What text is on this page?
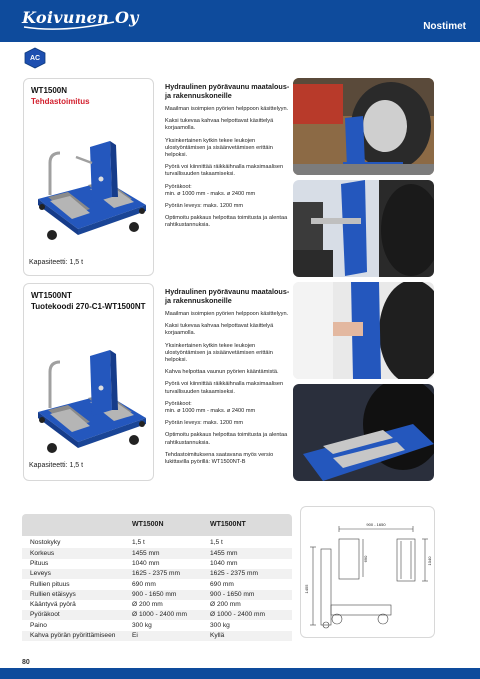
Koivunen Oy	Nostimet
AC
WT1500N
Tehdastoimitus
Kapasiteetti: 1,5 t
Hydraulinen pyörävaunu maatalous- ja rakennuskoneille

Maailman isoimpien pyörien helppoon käsittelyyn.

Kaksi tukevaa kahvaa helpottavat käsittelyä korjaamolla.

Yksinkertainen kytkin tekee leukojen ulostyöntämisen ja sisäänvetämisen erittäin helpoksi.

Pyörä voi kiinnittää räikkäihnalla maksimaalisen turvallisuuden takaamiseksi.

Pyöräkoot:
min. ø 1000 mm - maks. ø 2400 mm

Pyörän leveys: maks. 1200 mm

Optimoitu pakkaus helpottaa toimitusta ja alentaa rahtikustannuksia.

WT1500NT
Tuotekoodi 270-C1-WT1500NT
Kapasiteetti: 1,5 t
Hydraulinen pyörävaunu maatalous- ja rakennuskoneille

Maailman isoimpien pyörien helppoon käsittelyyn.

Kaksi tukevaa kahvaa helpottavat käsittelyä korjaamolla.

Yksinkertainen kytkin tekee leukojen ulostyöntämisen ja sisäänvetämisen erittäin helpoksi.

Kahva helpottaa vaunun pyörien kääntämistä.

Pyörä voi kiinnittää räikkäihnalla maksimaalisen turvallisuuden takaamiseksi.

Pyöräkoot:
min. ø 1000 mm - maks. ø 2400 mm

Pyörän leveys: maks. 1200 mm

Optimoitu pakkaus helpottaa toimitusta ja alentaa rahtikustannuksia.

Tehdastoimituksena saatavana myös versio lukittavilla pyörillä: WT1500NT-B

WT1500N	WT1500NT
Nostokyky	1,5 t	1,5 t
Korkeus	1455 mm	1455 mm
Pituus	1040 mm	1040 mm
Leveys	1625 - 2375 mm	1625 - 2375 mm
Rullien pituus	690 mm	690 mm
Rullien etäisyys	900 - 1650 mm	900 - 1650 mm
Kääntyvä pyörä	Ø 200 mm	Ø 200 mm
Pyöräkoot	Ø 1000 - 2400 mm	Ø 1000 - 2400 mm
Paino	300 kg	300 kg
Kahva pyörän pyörittämiseen	Ei	Kyllä
900 - 1650
1455
1040
690
80
